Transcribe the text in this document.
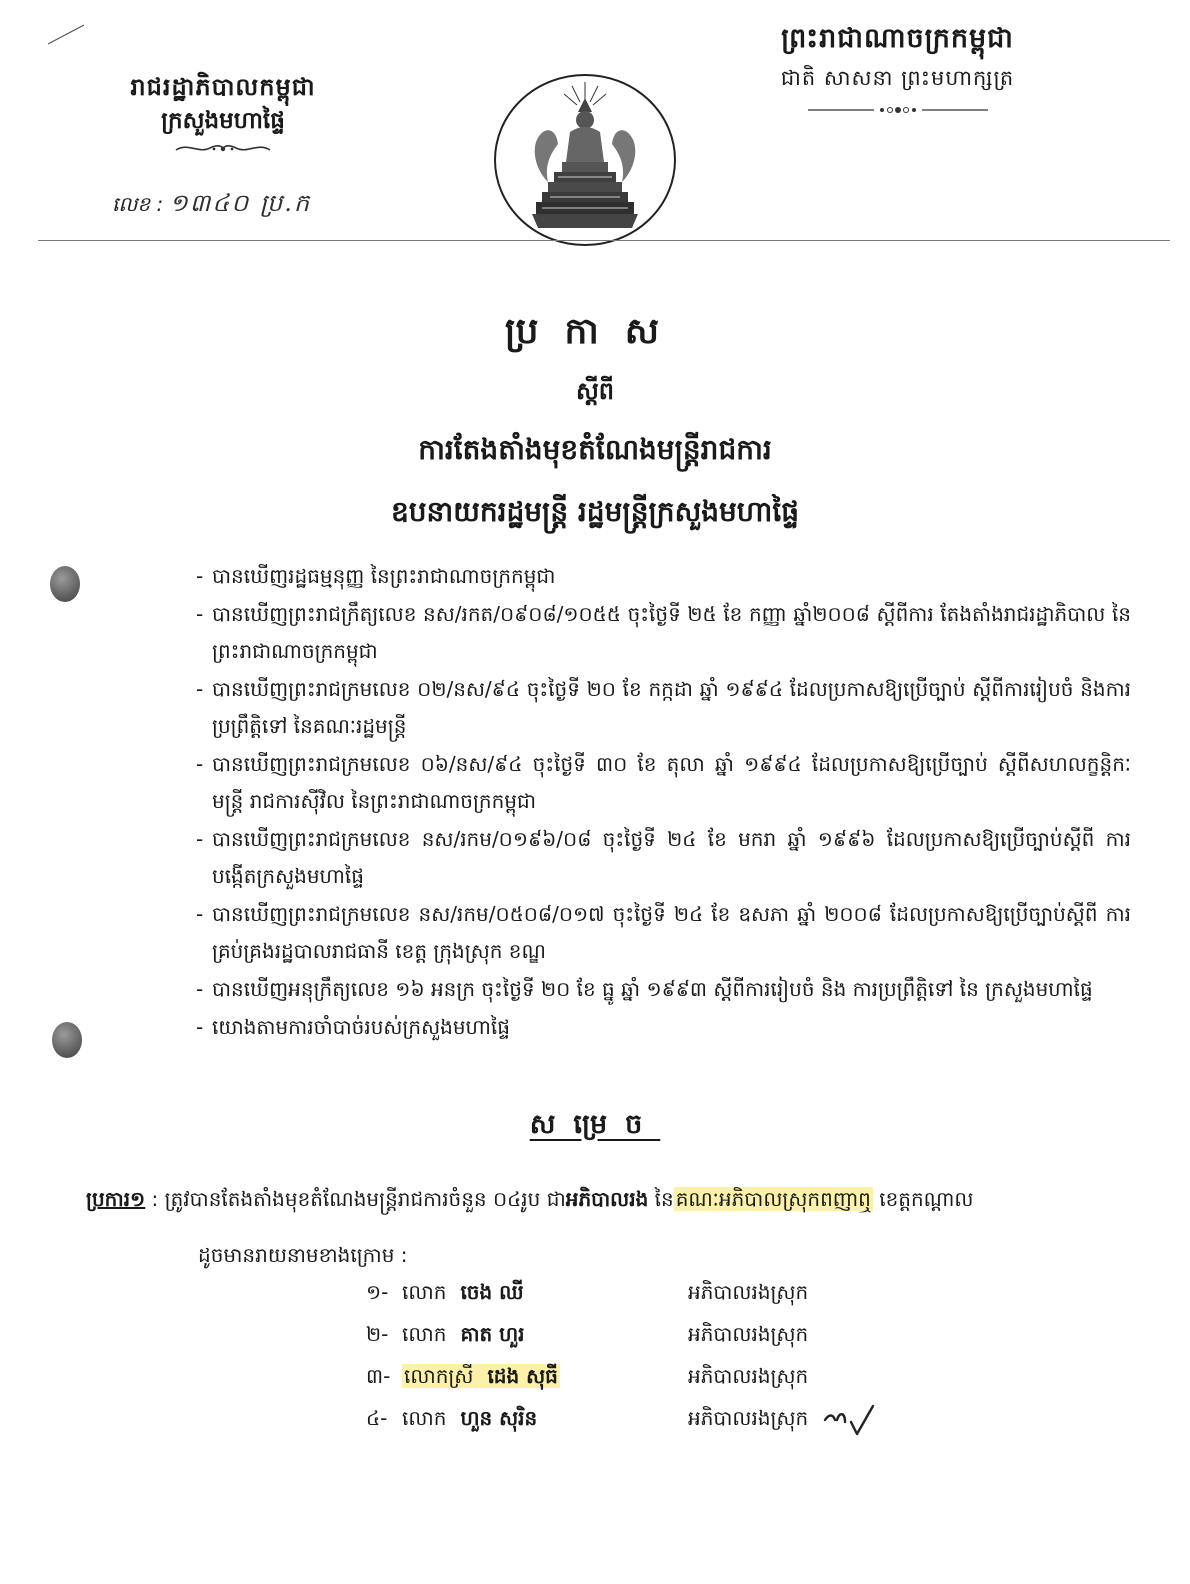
រាជរដ្ឋាភិបាលកម្ពុជា
ក្រសួងមហាផ្ទៃ
លេខ : ១៣៤០ ប្រ.ក
ព្រះរាជាណាចក្រកម្ពុជា
ជាតិ សាសនា ព្រះមហាក្សត្រ
ប្រកាស
ស្តីពី
ការតែងតាំងមុខតំណែងមន្ត្រីរាជការ
ឧបនាយករដ្ឋមន្ត្រី រដ្ឋមន្ត្រីក្រសួងមហាផ្ទៃ
- បានឃើញរដ្ឋធម្មនុញ្ញ នៃព្រះរាជាណាចក្រកម្ពុជា
- បានឃើញព្រះរាជក្រឹត្យលេខ នស/រកត/០៩០៨/១០៥៥ ចុះថ្ងៃទី ២៥ ខែ កញ្ញា ឆ្នាំ២០០៨ ស្តីពីការ តែងតាំងរាជរដ្ឋាភិបាល នៃព្រះរាជាណាចក្រកម្ពុជា
- បានឃើញព្រះរាជក្រមលេខ ០២/នស/៩៤ ចុះថ្ងៃទី ២០ ខែ កក្កដា ឆ្នាំ ១៩៩៤ ដែលប្រកាសឱ្យប្រើច្បាប់ ស្តីពីការរៀបចំ និងការប្រព្រឹត្តិទៅ នៃគណៈរដ្ឋមន្ត្រី
- បានឃើញព្រះរាជក្រមលេខ ០៦/នស/៩៤ ចុះថ្ងៃទី ៣០ ខែ តុលា ឆ្នាំ ១៩៩៤ ដែលប្រកាសឱ្យប្រើច្បាប់ ស្តីពីសហលក្ខន្តិកៈ មន្ត្រី រាជការស៊ីវិល នៃព្រះរាជាណាចក្រកម្ពុជា
- បានឃើញព្រះរាជក្រមលេខ នស/រកម/០១៩៦/០៨ ចុះថ្ងៃទី ២៤ ខែ មករា ឆ្នាំ ១៩៩៦ ដែលប្រកាសឱ្យប្រើច្បាប់ស្តីពី ការបង្កើតក្រសួងមហាផ្ទៃ
- បានឃើញព្រះរាជក្រមលេខ នស/រកម/០៥០៨/០១៧ ចុះថ្ងៃទី ២៤ ខែ ឧសភា ឆ្នាំ ២០០៨ ដែលប្រកាសឱ្យប្រើច្បាប់ស្តីពី ការគ្រប់គ្រងរដ្ឋបាលរាជធានី ខេត្ត ក្រុងស្រុក ខណ្ឌ
- បានឃើញអនុក្រឹត្យលេខ ១៦ អនក្រ ចុះថ្ងៃទី ២០ ខែ ធ្នូ ឆ្នាំ ១៩៩៣ ស្តីពីការរៀបចំ និង ការប្រព្រឹត្តិទៅ នៃ ក្រសួងមហាផ្ទៃ
- យោងតាមការចាំបាច់របស់ក្រសួងមហាផ្ទៃ
សម្រេច
ប្រការ១ : ត្រូវបានតែងតាំងមុខតំណែងមន្ត្រីរាជការចំនួន ០៤រូប ជាអភិបាលរង នៃ គណៈអភិបាលស្រុកពញាឮ ខេត្តកណ្តាល
ដូចមានរាយនាមខាងក្រោម :
១- លោក ចេង ឈី	អភិបាលរងស្រុក
២- លោក គាត ហួរ	អភិបាលរងស្រុក
៣- លោកស្រី ដេង សុធី	អភិបាលរងស្រុក
៤- លោក ហួន សុរិន	អភិបាលរងស្រុក
